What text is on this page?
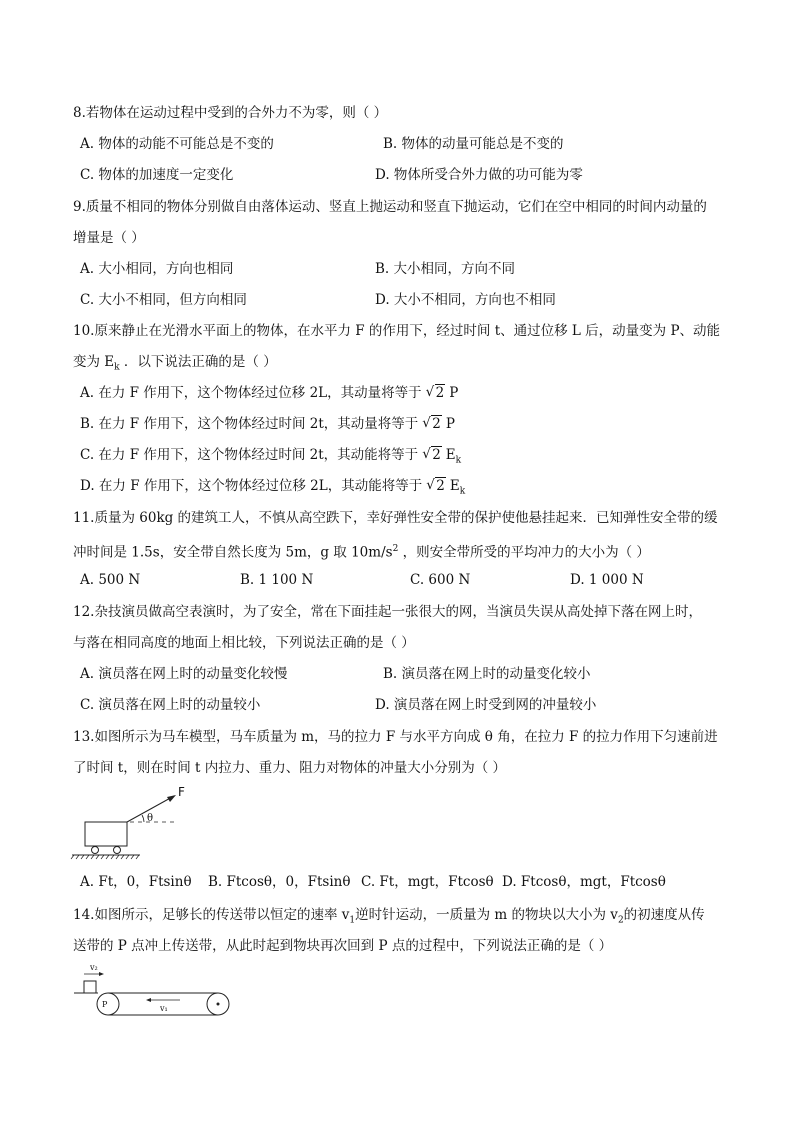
8.若物体在运动过程中受到的合外力不为零，则（ ）
A. 物体的动能不可能总是不变的	B. 物体的动量可能总是不变的
C. 物体的加速度一定变化	D. 物体所受合外力做的功可能为零
9.质量不相同的物体分别做自由落体运动、竖直上抛运动和竖直下抛运动，它们在空中相同的时间内动量的
增量是（ ）
A. 大小相同，方向也相同	B. 大小相同，方向不同
C. 大小不相同，但方向相同	D. 大小不相同，方向也不相同
10.原来静止在光滑水平面上的物体，在水平力 F 的作用下，经过时间 t、通过位移 L 后，动量变为 P、动能
变为 $E_k$ ．以下说法正确的是（ ）
A. 在力 F 作用下，这个物体经过位移 2L，其动量将等于 √ 2 P
B. 在力 F 作用下，这个物体经过时间 2t，其动量将等于 √ 2 P
C. 在力 F 作用下，这个物体经过时间 2t，其动能将等于 √ 2 $E_k$
D. 在力 F 作用下，这个物体经过位移 2L，其动能将等于 √ 2 $E_k$
11.质量为 60kg 的建筑工人，不慎从高空跌下，幸好弹性安全带的保护使他悬挂起来．已知弹性安全带的缓
冲时间是 1.5s，安全带自然长度为 5m，g 取 $10m/s^2$ ，则安全带所受的平均冲力的大小为（ ）
A. 500 N	B. 1 100 N	C. 600 N	D. 1 000 N
12.杂技演员做高空表演时，为了安全，常在下面挂起一张很大的网，当演员失误从高处掉下落在网上时，
与落在相同高度的地面上相比较，下列说法正确的是（ ）
A. 演员落在网上时的动量变化较慢	B. 演员落在网上时的动量变化较小
C. 演员落在网上时的动量较小	D. 演员落在网上时受到网的冲量较小
13.如图所示为马车模型，马车质量为 m，马的拉力 F 与水平方向成 θ 角，在拉力 F 的拉力作用下匀速前进
了时间 t，则在时间 t 内拉力、重力、阻力对物体的冲量大小分别为（ ）
F
θ
A. Ft，0，Ftsinθ B. Ftcosθ，0，Ftsinθ C. Ft，mgt，Ftcosθ D. Ftcosθ，mgt，Ftcosθ
14.如图所示，足够长的传送带以恒定的速率 $v_1$逆时针运动，一质量为 m 的物块以大小为 $v_2$的初速度从传
送带的 P 点冲上传送带，从此时起到物块再次回到 P 点的过程中，下列说法正确的是（ ）
v₂
P	v₁
